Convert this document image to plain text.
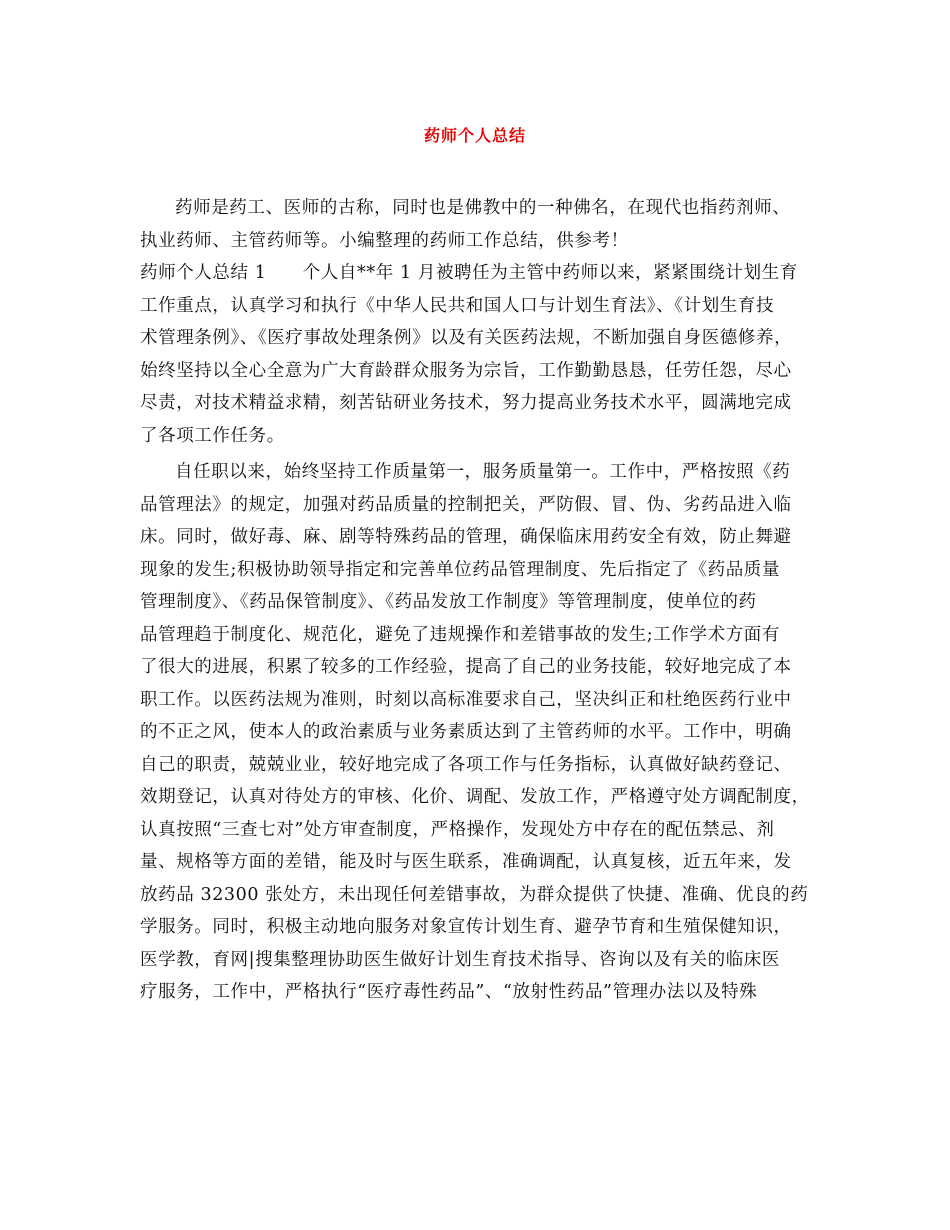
药师个人总结
药师是药工、医师的古称，同时也是佛教中的一种佛名，在现代也指药剂师、
执业药师、主管药师等。小编整理的药师工作总结，供参考！
药师个人总结 1　　个人自**年 1 月被聘任为主管中药师以来，紧紧围绕计划生育
工作重点，认真学习和执行《中华人民共和国人口与计划生育法》、《计划生育技
术管理条例》、《医疗事故处理条例》以及有关医药法规，不断加强自身医德修养，
始终坚持以全心全意为广大育龄群众服务为宗旨，工作勤勤恳恳，任劳任怨，尽心
尽责，对技术精益求精，刻苦钻研业务技术，努力提高业务技术水平，圆满地完成
了各项工作任务。
自任职以来，始终坚持工作质量第一，服务质量第一。工作中，严格按照《药
品管理法》的规定，加强对药品质量的控制把关，严防假、冒、伪、劣药品进入临
床。同时，做好毒、麻、剧等特殊药品的管理，确保临床用药安全有效，防止舞避
现象的发生;积极协助领导指定和完善单位药品管理制度、先后指定了《药品质量
管理制度》、《药品保管制度》、《药品发放工作制度》等管理制度，使单位的药
品管理趋于制度化、规范化，避免了违规操作和差错事故的发生;工作学术方面有
了很大的进展，积累了较多的工作经验，提高了自己的业务技能，较好地完成了本
职工作。以医药法规为准则，时刻以高标准要求自己，坚决纠正和杜绝医药行业中
的不正之风，使本人的政治素质与业务素质达到了主管药师的水平。工作中，明确
自己的职责，兢兢业业，较好地完成了各项工作与任务指标，认真做好缺药登记、
效期登记，认真对待处方的审核、化价、调配、发放工作，严格遵守处方调配制度，
认真按照“三查七对”处方审查制度，严格操作，发现处方中存在的配伍禁忌、剂
量、规格等方面的差错，能及时与医生联系，准确调配，认真复核，近五年来，发
放药品 32300 张处方，未出现任何差错事故，为群众提供了快捷、准确、优良的药
学服务。同时，积极主动地向服务对象宣传计划生育、避孕节育和生殖保健知识，
医学教，育网|搜集整理协助医生做好计划生育技术指导、咨询以及有关的临床医
疗服务，工作中，严格执行“医疗毒性药品”、“放射性药品”管理办法以及特殊
